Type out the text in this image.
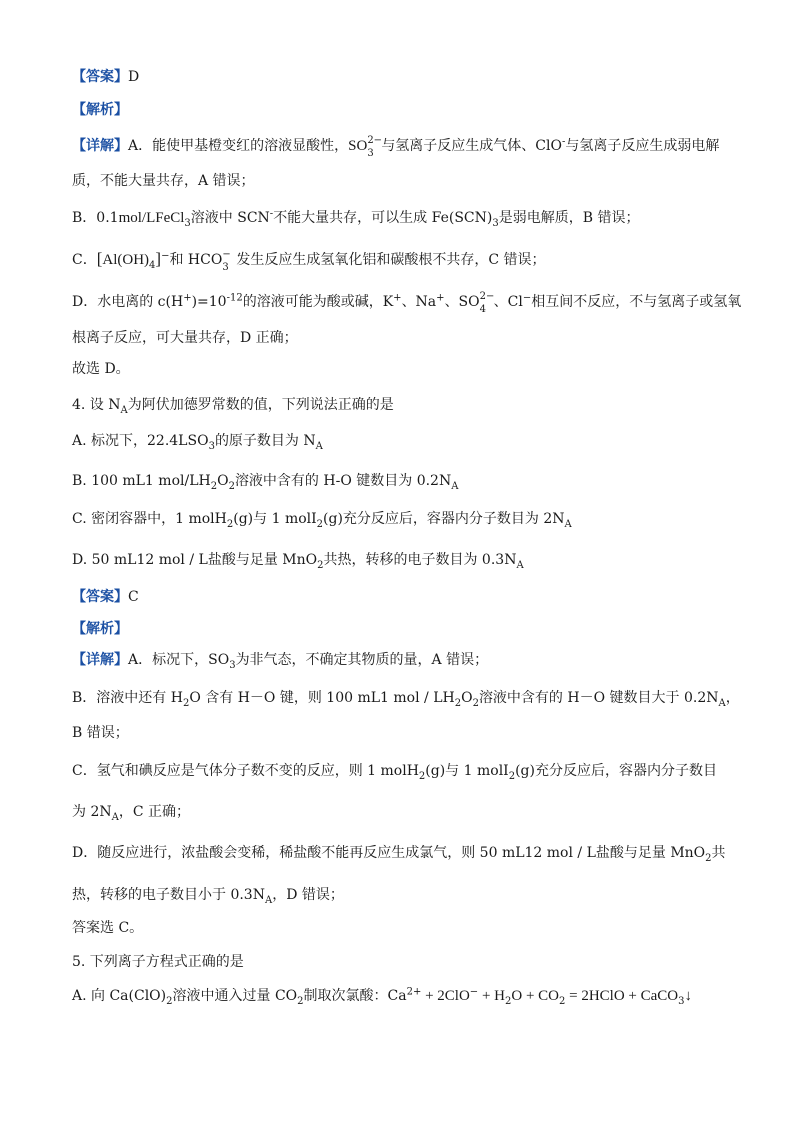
【答案】D
【解析】
【详解】A．能使甲基橙变红的溶液显酸性，SO 2−
3 与氢离子反应生成气体、ClO-与氢离子反应生成弱电解
质，不能大量共存，A 错误；
B．0.1mol/LFeCl$_3$溶液中 SCN-不能大量共存，可以生成 $Fe(SCN)_3$是弱电解质，B 错误；
C．$[Al(OH)_4]^-$和 HCO −
3 发生反应生成氢氧化铝和碳酸根不共存，C 错误；
D．水电离的 $c(H^+)=10^{-12}$的溶液可能为酸或碱，K+、Na+、SO 2−
4 、Cl−相互间不反应，不与氢离子或氢氧
根离子反应，可大量共存，D 正确；
故选 D。
4. 设 $N_A$为阿伏加德罗常数的值，下列说法正确的是
A. 标况下，$22.4LSO_3$的原子数目为 $N_A$
B. 100 mL1 mol/$LH_2O_2$溶液中含有的 H-O 键数目为 $0.2N_A$
C. 密闭容器中，1 molH$_2$(g)与 1 molI$_2$(g)充分反应后，容器内分子数目为 $2N_A$
D. 50 mL12 mol / L盐酸与足量 MnO$_2$共热，转移的电子数目为 $0.3N_A$
【答案】C
【解析】
【详解】A．标况下，$SO_3$为非气态，不确定其物质的量，A 错误；
B．溶液中还有 $H_2O$ 含有 H－O 键，则 100 mL1 mol / $LH_2O_2$溶液中含有的 H－O 键数目大于 $0.2N_A$，
B 错误；
C．氢气和碘反应是气体分子数不变的反应，则 1 molH$_2$(g)与 1 molI$_2$(g)充分反应后，容器内分子数目
为 $2N_A$，C 正确；
D．随反应进行，浓盐酸会变稀，稀盐酸不能再反应生成氯气，则 50 mL12 mol / L盐酸与足量 MnO$_2$共
热，转移的电子数目小于 $0.3N_A$，D 错误；
答案选 C。
5. 下列离子方程式正确的是
A. 向 $Ca(ClO)_2$溶液中通入过量 $CO_2$制取次氯酸：$Ca^{2+} + 2ClO^- + H_2O + CO_2$ = 2HClO + CaCO$_3$↓
